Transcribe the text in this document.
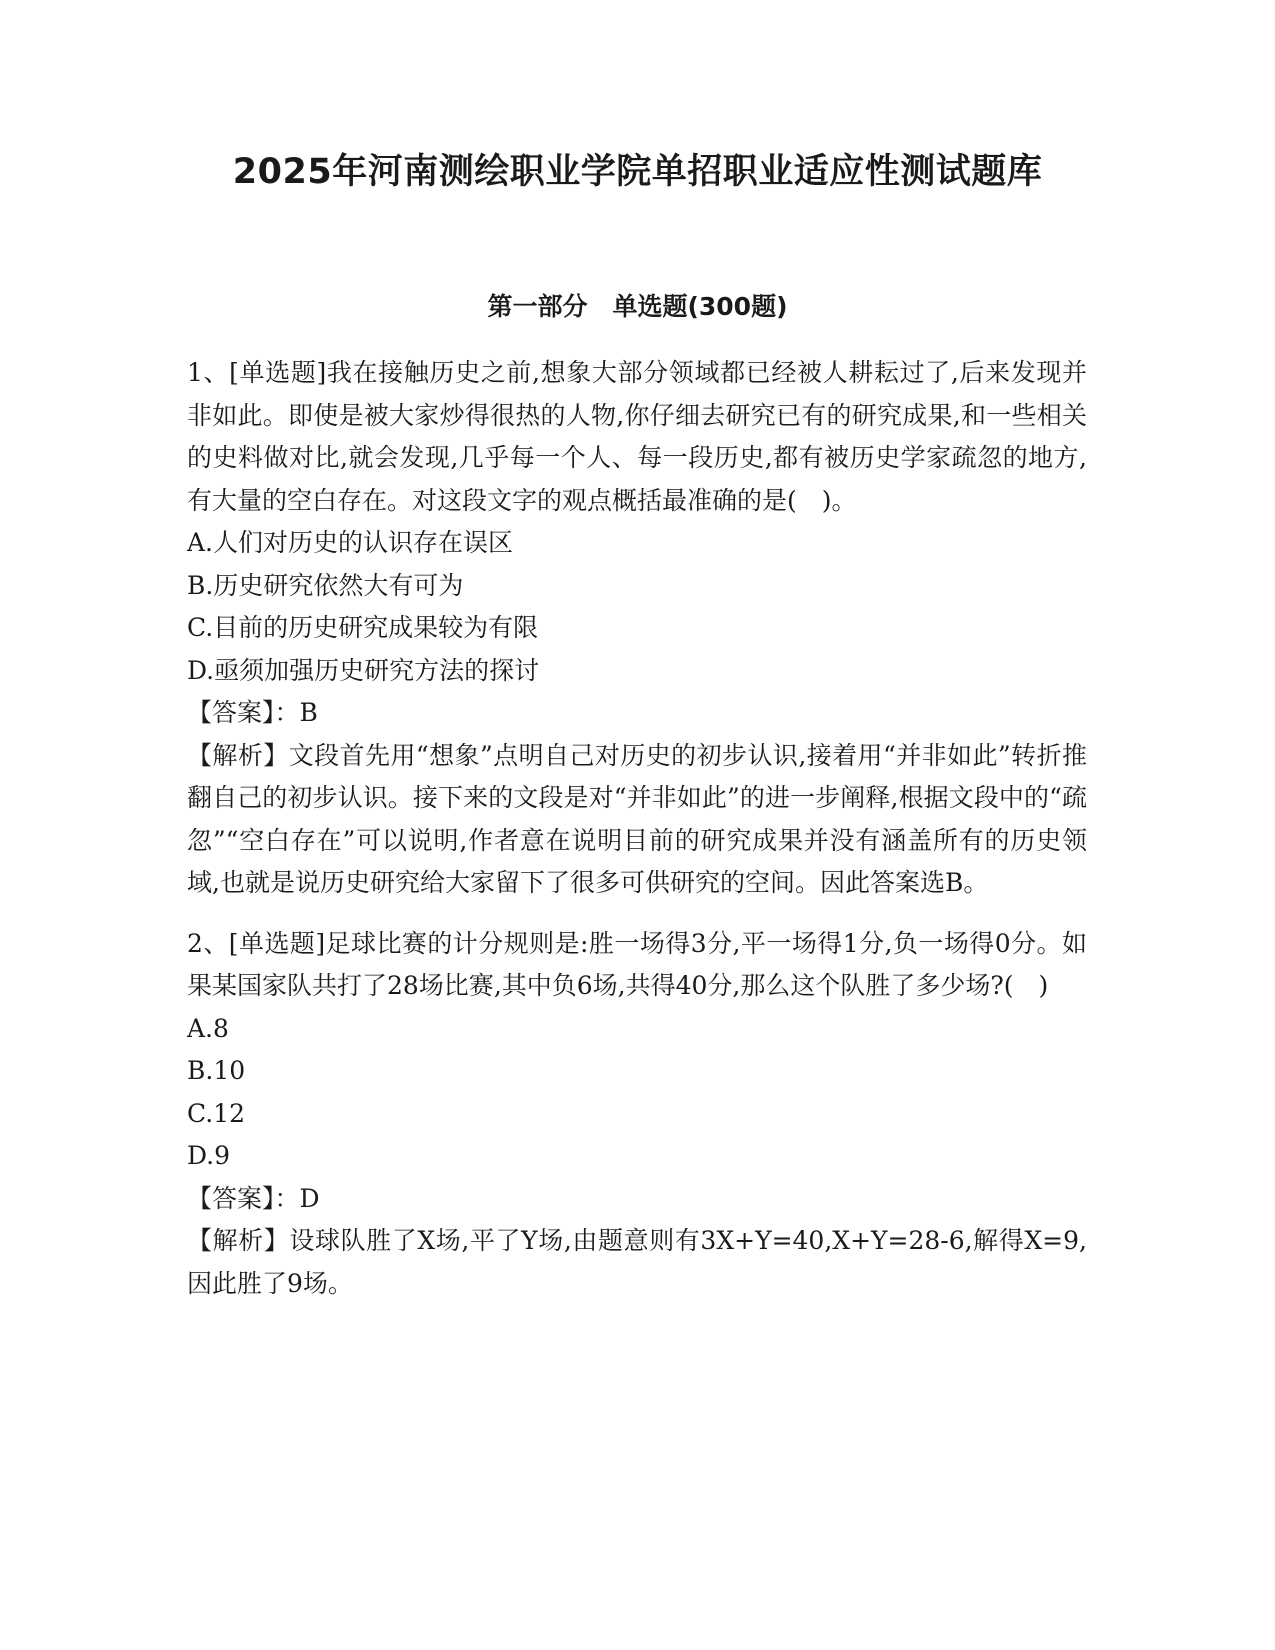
2025年河南测绘职业学院单招职业适应性测试题库
第一部分　单选题(300题)

1、[单选题]我在接触历史之前,想象大部分领域都已经被人耕耘过了,后来发现并非如此。即使是被大家炒得很热的人物,你仔细去研究已有的研究成果,和一些相关的史料做对比,就会发现,几乎每一个人、每一段历史,都有被历史学家疏忽的地方,有大量的空白存在。对这段文字的观点概括最准确的是(　)。

A.人们对历史的认识存在误区

B.历史研究依然大有可为

C.目前的历史研究成果较为有限

D.亟须加强历史研究方法的探讨

【答案】：B

【解析】文段首先用“想象”点明自己对历史的初步认识,接着用“并非如此”转折推翻自己的初步认识。接下来的文段是对“并非如此”的进一步阐释,根据文段中的“疏忽”“空白存在”可以说明,作者意在说明目前的研究成果并没有涵盖所有的历史领域,也就是说历史研究给大家留下了很多可供研究的空间。因此答案选B。

2、[单选题]足球比赛的计分规则是:胜一场得3分,平一场得1分,负一场得0分。如果某国家队共打了28场比赛,其中负6场,共得40分,那么这个队胜了多少场?(　)

A.8

B.10

C.12

D.9

【答案】：D

【解析】设球队胜了X场,平了Y场,由题意则有3X+Y=40,X+Y=28-6,解得X=9,因此胜了9场。
